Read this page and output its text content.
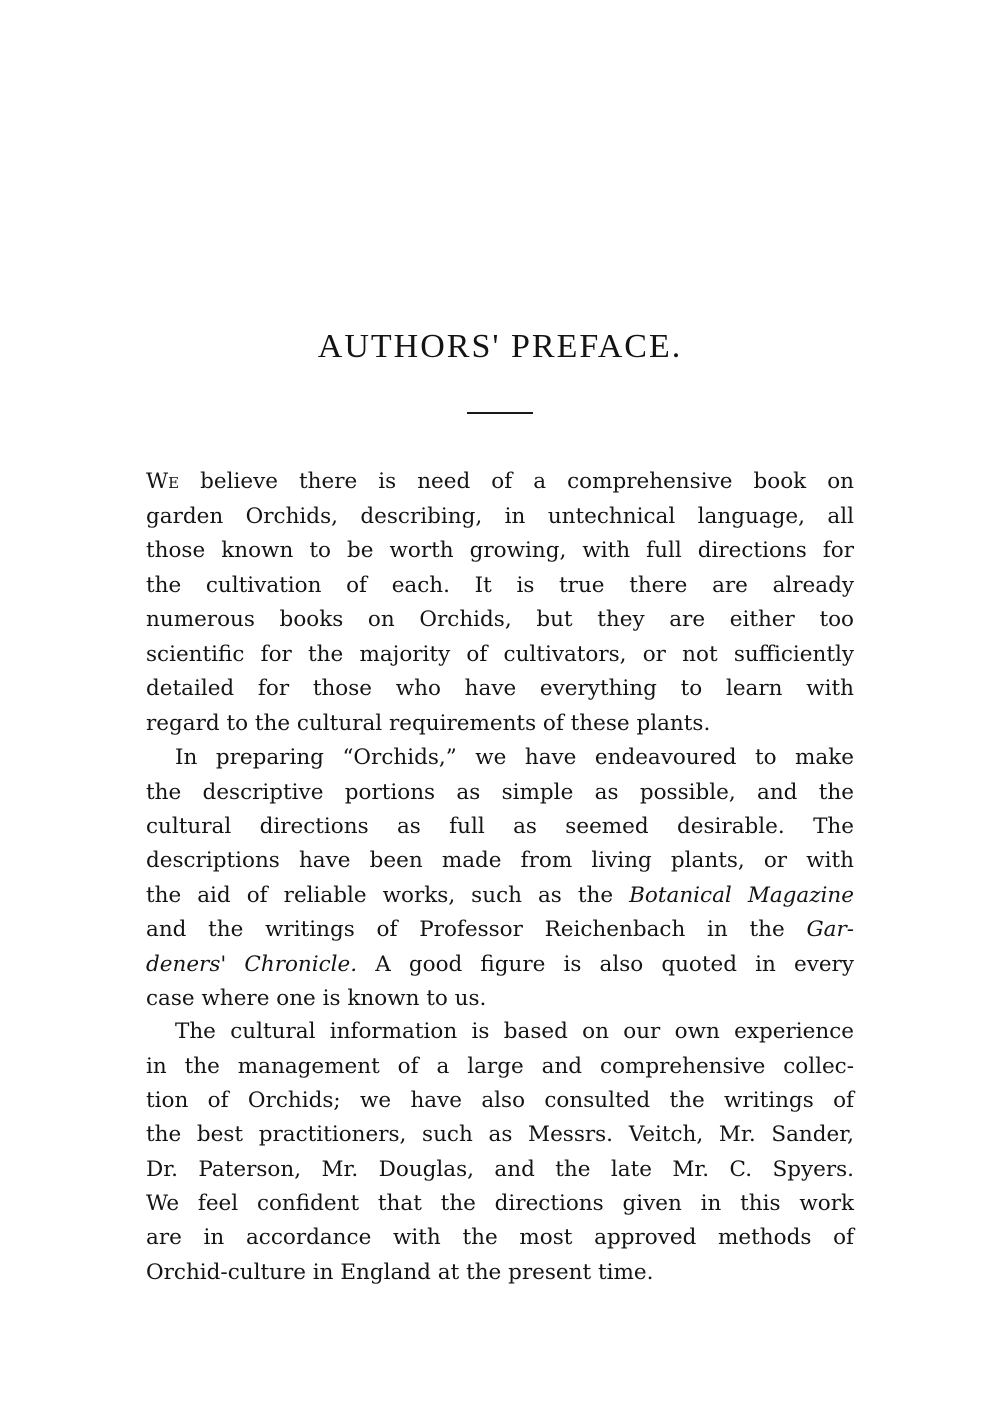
AUTHORS' PREFACE.
We believe there is need of a comprehensive book on
garden Orchids, describing, in untechnical language, all
those known to be worth growing, with full directions for
the cultivation of each. It is true there are already
numerous books on Orchids, but they are either too
scientific for the majority of cultivators, or not sufficiently
detailed for those who have everything to learn with
regard to the cultural requirements of these plants.
In preparing “Orchids,” we have endeavoured to make
the descriptive portions as simple as possible, and the
cultural directions as full as seemed desirable. The
descriptions have been made from living plants, or with
the aid of reliable works, such as the Botanical Magazine
and the writings of Professor Reichenbach in the Gar-
deners' Chronicle. A good figure is also quoted in every
case where one is known to us.
The cultural information is based on our own experience
in the management of a large and comprehensive collec-
tion of Orchids; we have also consulted the writings of
the best practitioners, such as Messrs. Veitch, Mr. Sander,
Dr. Paterson, Mr. Douglas, and the late Mr. C. Spyers.
We feel confident that the directions given in this work
are in accordance with the most approved methods of
Orchid-culture in England at the present time.
